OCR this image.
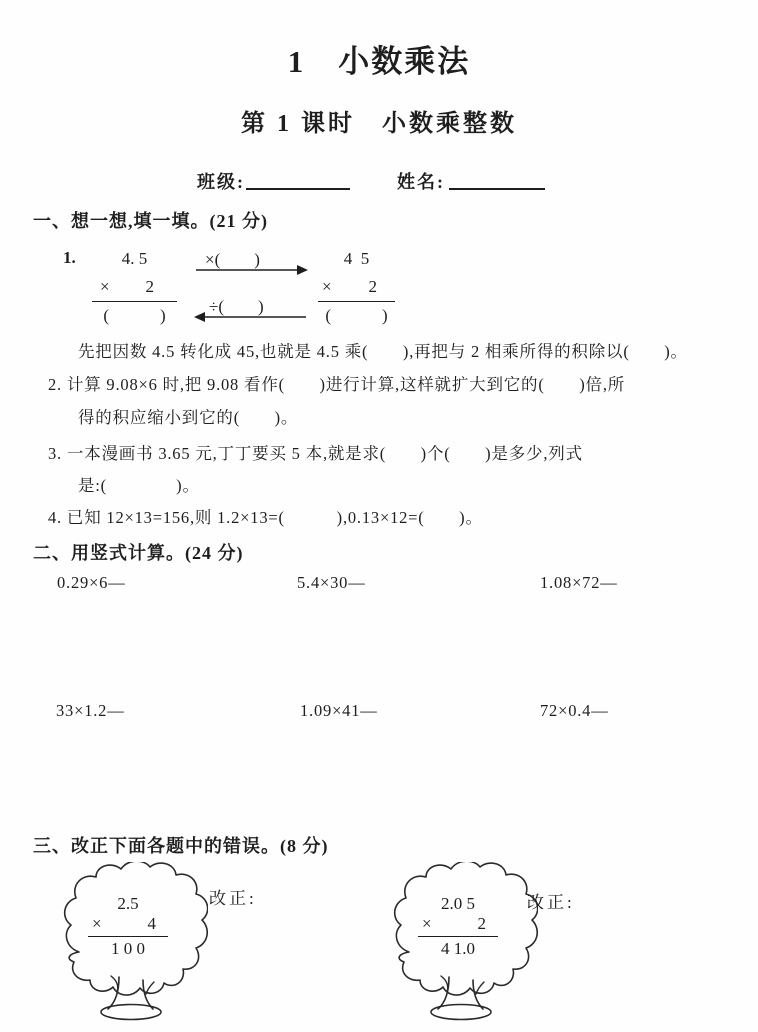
1　小数乘法
第 1 课时　小数乘整数
班级:	姓名:
一、想一想,填一填。(21 分)
1.	4. 5
× 2
(　　　)
×(　　)
÷(　　)
4  5
× 2
(　　　)
先把因数 4.5 转化成 45,也就是 4.5 乘(　　),再把与 2 相乘所得的积除以(　　)。
2. 计算 9.08×6 时,把 9.08 看作(　　)进行计算,这样就扩大到它的(　　)倍,所
得的积应缩小到它的(　　)。
3. 一本漫画书 3.65 元,丁丁要买 5 本,就是求(　　)个(　　)是多少,列式
是:(　　　　)。
4. 已知 12×13=156,则 1.2×13=(　　　),0.13×12=(　　)。
二、用竖式计算。(24 分)
0.29×6—	5.4×30—	1.08×72—
33×1.2—	1.09×41—	72×0.4—
三、改正下面各题中的错误。(8 分)
2.5
×	4
1 0 0
改正:	2.0 5
×	2
4 1.0
改正:
